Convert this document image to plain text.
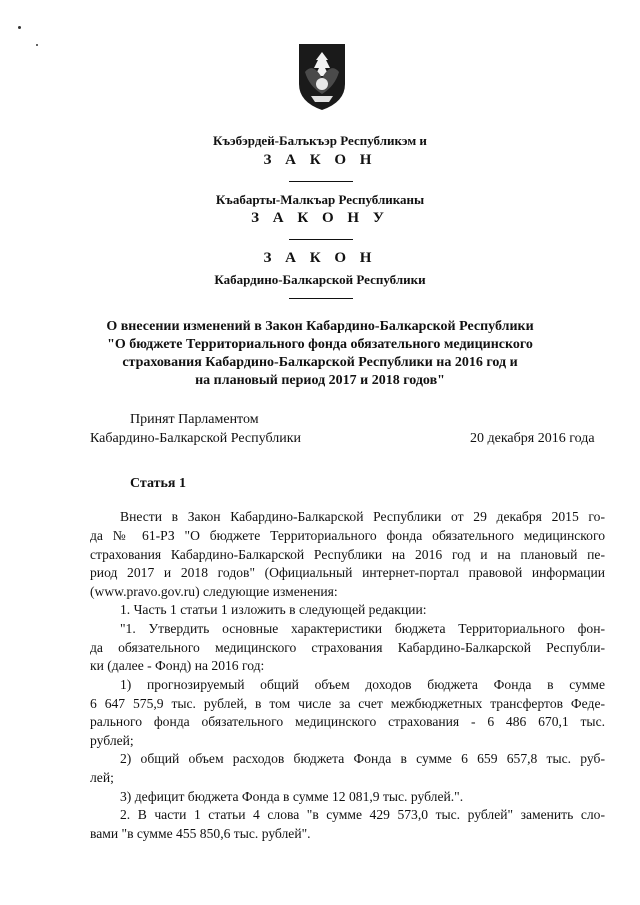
Къэбэрдей-Балъкъэр Республикэм и
З А К О Н
Къабарты-Малкъар Республиканы
З А К О Н У
З А К О Н
Кабардино-Балкарской Республики
О внесении изменений в Закон Кабардино-Балкарской Республики
"О бюджете Территориального фонда обязательного медицинского
страхования Кабардино-Балкарской Республики на 2016 год и
на плановый период 2017 и 2018 годов"
Принят Парламентом
Кабардино-Балкарской Республики	20 декабря 2016 года
Статья 1
Внести в Закон Кабардино-Балкарской Республики от 29 декабря 2015 го-
да № 61-РЗ "О бюджете Территориального фонда обязательного медицинского
страхования Кабардино-Балкарской Республики на 2016 год и на плановый пе-
риод 2017 и 2018 годов" (Официальный интернет-портал правовой информации
(www.pravo.gov.ru) следующие изменения:
1. Часть 1 статьи 1 изложить в следующей редакции:
"1. Утвердить основные характеристики бюджета Территориального фон-
да обязательного медицинского страхования Кабардино-Балкарской Республи-
ки (далее - Фонд) на 2016 год:
1) прогнозируемый общий объем доходов бюджета Фонда в сумме
6 647 575,9 тыс. рублей, в том числе за счет межбюджетных трансфертов Феде-
рального фонда обязательного медицинского страхования - 6 486 670,1 тыс.
рублей;
2) общий объем расходов бюджета Фонда в сумме 6 659 657,8 тыс. руб-
лей;
3) дефицит бюджета Фонда в сумме 12 081,9 тыс. рублей.".
2. В части 1 статьи 4 слова "в сумме 429 573,0 тыс. рублей" заменить сло-
вами "в сумме 455 850,6 тыс. рублей".
